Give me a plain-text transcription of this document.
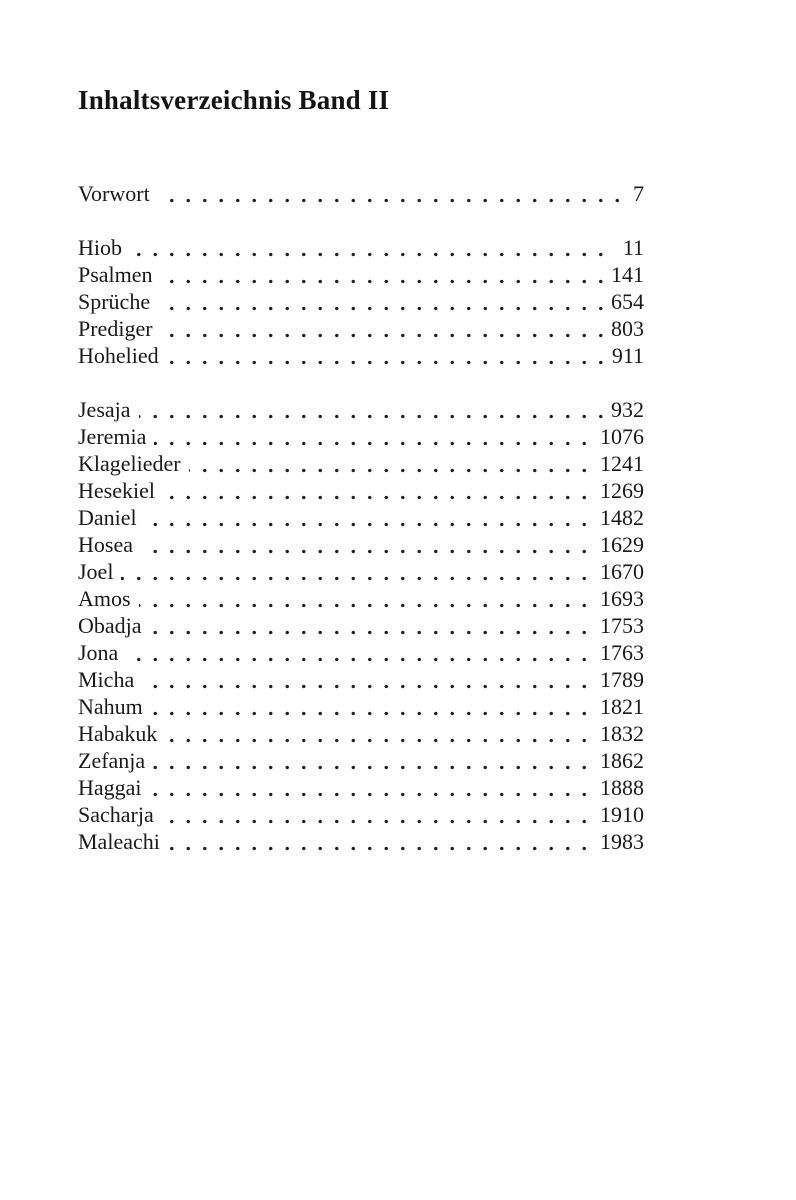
Inhaltsverzeichnis Band II
Vorwort	7
Hiob	11
Psalmen	141
Sprüche	654
Prediger	803
Hohelied	911
Jesaja	932
Jeremia	1076
Klagelieder	1241
Hesekiel	1269
Daniel	1482
Hosea	1629
Joel	1670
Amos	1693
Obadja	1753
Jona	1763
Micha	1789
Nahum	1821
Habakuk	1832
Zefanja	1862
Haggai	1888
Sacharja	1910
Maleachi	1983
